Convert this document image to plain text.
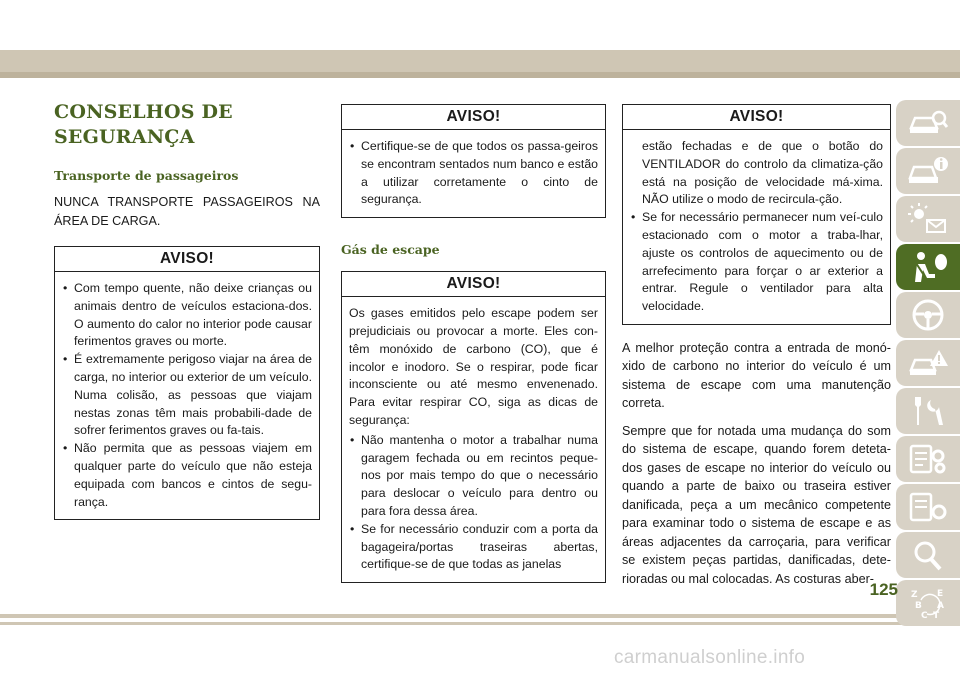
CONSELHOS DE
SEGURANÇA
Transporte de passageiros

NUNCA TRANSPORTE PASSAGEIROS NA ÁREA DE CARGA.

AVISO!
• Com tempo quente, não deixe crianças ou animais dentro de veículos estaciona-dos. O aumento do calor no interior pode causar ferimentos graves ou morte.
• É extremamente perigoso viajar na área de carga, no interior ou exterior de um veículo. Numa colisão, as pessoas que viajam nestas zonas têm mais probabili-dade de sofrer ferimentos graves ou fa-tais.
• Não permita que as pessoas viajem em qualquer parte do veículo que não esteja equipada com bancos e cintos de segu-rança.
AVISO!
• Certifique-se de que todos os passa-geiros se encontram sentados num banco e estão a utilizar corretamente o cinto de segurança.
Gás de escape
AVISO!

Os gases emitidos pelo escape podem ser prejudiciais ou provocar a morte. Eles con-têm monóxido de carbono (CO), que é incolor e inodoro. Se o respirar, pode ficar inconsciente ou até mesmo envenenado. Para evitar respirar CO, siga as dicas de segurança:

• Não mantenha o motor a trabalhar numa garagem fechada ou em recintos peque-nos por mais tempo do que o necessário para deslocar o veículo para dentro ou para fora dessa área.
• Se for necessário conduzir com a porta da bagageira/portas traseiras abertas, certifique-se de que todas as janelas
AVISO!
estão fechadas e de que o botão do VENTILADOR do controlo da climatiza-ção está na posição de velocidade má-xima. NÃO utilize o modo de recircula-ção.
• Se for necessário permanecer num veí-culo estacionado com o motor a traba-lhar, ajuste os controlos de aquecimento ou de arrefecimento para forçar o ar exterior a entrar. Regule o ventilador para alta velocidade.

A melhor proteção contra a entrada de monó-xido de carbono no interior do veículo é um sistema de escape com uma manutenção correta.

Sempre que for notada uma mudança do som do sistema de escape, quando forem deteta-dos gases de escape no interior do veículo ou quando a parte de baixo ou traseira estiver danificada, peça a um mecânico competente para examinar todo o sistema de escape e as áreas adjacentes da carroçaria, para verificar se existem peças partidas, danificadas, dete-rioradas ou mal colocadas. As costuras aber-

Z E
B A
C T
125
carmanualsonline.info
